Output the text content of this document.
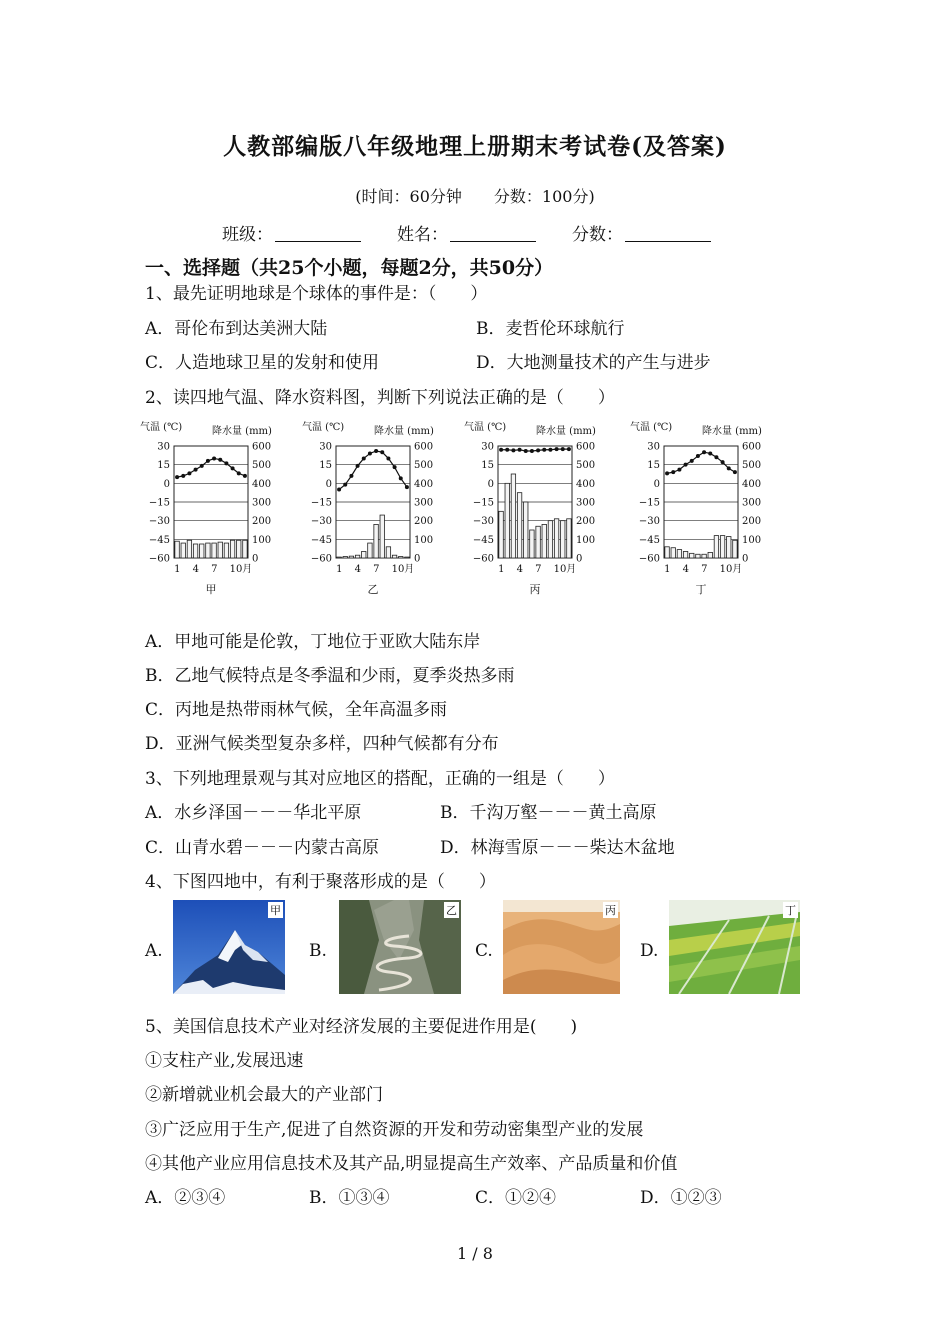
人教部编版八年级地理上册期末考试卷(及答案)
(时间：60分钟　　分数：100分)
班级：	姓名：	分数：
一、选择题（共25个小题，每题2分，共50分）
1、最先证明地球是个球体的事件是：（　　）
A．哥伦布到达美洲大陆	B．麦哲伦环球航行
C．人造地球卫星的发射和使用	D．大地测量技术的产生与进步
2、读四地气温、降水资料图，判断下列说法正确的是（　　）
气温 (℃)	降水量 (mm)
30	600
15	500
0	400
−15	300
−30	200
−45	100
−60	0
1 4 7 10月
甲
气温 (℃)	降水量 (mm)
30	600
15	500
0	400
−15	300
−30	200
−45	100
−60	0
1 4 7 10月
乙
气温 (℃)	降水量 (mm)
30	600
15	500
0	400
−15	300
−30	200
−45	100
−60	0
1 4 7 10月
丙
气温 (℃)	降水量 (mm)
30	600
15	500
0	400
−15	300
−30	200
−45	100
−60	0
1 4 7 10月
丁
A．甲地可能是伦敦，丁地位于亚欧大陆东岸
B．乙地气候特点是冬季温和少雨，夏季炎热多雨
C．丙地是热带雨林气候，全年高温多雨
D．亚洲气候类型复杂多样，四种气候都有分布
3、下列地理景观与其对应地区的搭配，正确的一组是（　　）
A．水乡泽国－－－华北平原	B．千沟万壑－－－黄土高原
C．山青水碧－－－内蒙古高原	D．林海雪原－－－柴达木盆地
4、下图四地中，有利于聚落形成的是（　　）
A.	B.	C.	D.
甲	乙	丙	丁
5、美国信息技术产业对经济发展的主要促进作用是(　　)
①支柱产业,发展迅速
②新增就业机会最大的产业部门
③广泛应用于生产,促进了自然资源的开发和劳动密集型产业的发展
④其他产业应用信息技术及其产品,明显提高生产效率、产品质量和价值
A．②③④	B．①③④	C．①②④	D．①②③
1 / 8
